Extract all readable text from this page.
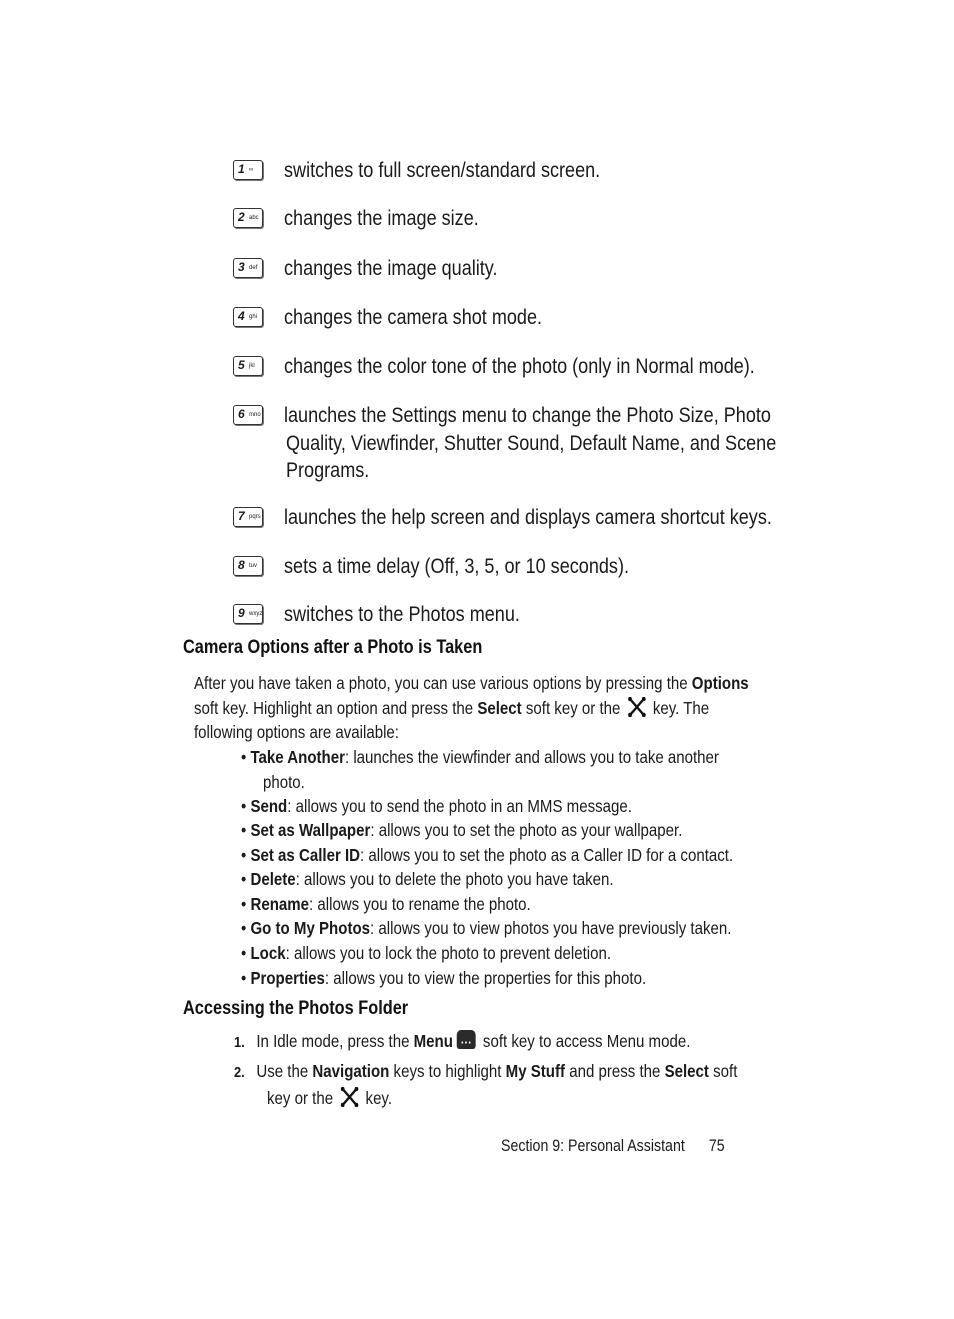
1 ∞ switches to full screen/standard screen.
2 abc changes the image size.
3 def changes the image quality.
4 ghi changes the camera shot mode.
5 jkl changes the color tone of the photo (only in Normal mode).
6 mno launches the Settings menu to change the Photo Size, Photo
Quality, Viewfinder, Shutter Sound, Default Name, and Scene
Programs.
7 pqrs launches the help screen and displays camera shortcut keys.
8 tuv sets a time delay (Off, 3, 5, or 10 seconds).
9 wxyz switches to the Photos menu.
Camera Options after a Photo is Taken
After you have taken a photo, you can use various options by pressing the Options
soft key. Highlight an option and press the Select soft key or the  key. The
following options are available:
• Take Another: launches the viewfinder and allows you to take another
photo.
• Send: allows you to send the photo in an MMS message.
• Set as Wallpaper: allows you to set the photo as your wallpaper.
• Set as Caller ID: allows you to set the photo as a Caller ID for a contact.
• Delete: allows you to delete the photo you have taken.
• Rename: allows you to rename the photo.
• Go to My Photos: allows you to view photos you have previously taken.
• Lock: allows you to lock the photo to prevent deletion.
• Properties: allows you to view the properties for this photo.
Accessing the Photos Folder
1. In Idle mode, press the Menu··· soft key to access Menu mode.
2. Use the Navigation keys to highlight My Stuff and press the Select soft
key or the  key.
Section 9: Personal Assistant 75
